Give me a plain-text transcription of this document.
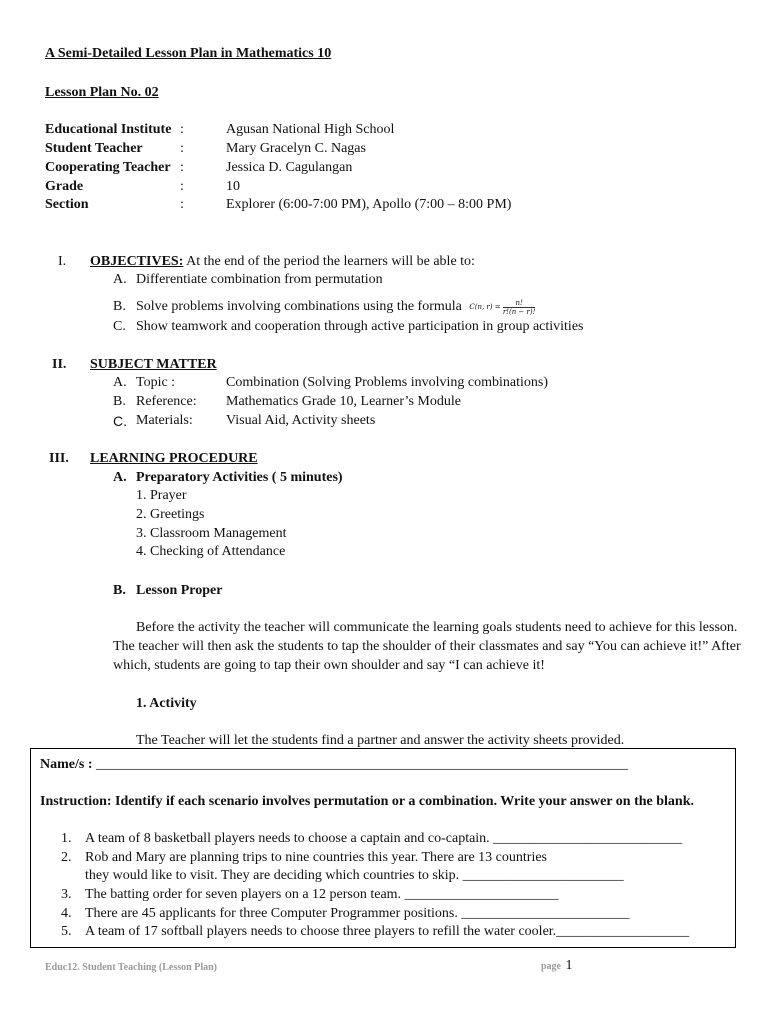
A Semi-Detailed Lesson Plan in Mathematics 10
Lesson Plan No. 02
Educational Institute :	Agusan National High School
Student Teacher	:	Mary Gracelyn C. Nagas
Cooperating Teacher :	Jessica D. Cagulangan
Grade	:	10
Section	:	Explorer (6:00-7:00 PM), Apollo (7:00 – 8:00 PM)
I. OBJECTIVES: At the end of the period the learners will be able to:
A. Differentiate combination from permutation
B. Solve problems involving combinations using the formula C(n, $r) = \frac{n!}{r!(n - r)!}$
C. Show teamwork and cooperation through active participation in group activities
II. SUBJECT MATTER
A. Topic :	Combination (Solving Problems involving combinations)
B. Reference: Mathematics Grade 10, Learner’s Module
C. Materials: Visual Aid, Activity sheets
III. LEARNING PROCEDURE
A. Preparatory Activities ( 5 minutes)
1. Prayer
2. Greetings
3. Classroom Management
4. Checking of Attendance
B. Lesson Proper
Before the activity the teacher will communicate the learning goals students need to achieve for this lesson.
The teacher will then ask the students to tap the shoulder of their classmates and say “You can achieve it!” After
which, students are going to tap their own shoulder and say “I can achieve it!
1. Activity
The Teacher will let the students find a partner and answer the activity sheets provided.
Name/s : ____________________________________________________________________________
Instruction: Identify if each scenario involves permutation or a combination. Write your answer on the blank.
1. A team of 8 basketball players needs to choose a captain and co-captain. ___________________________
2. Rob and Mary are planning trips to nine countries this year. There are 13 countries
they would like to visit. They are deciding which countries to skip. _______________________
3. The batting order for seven players on a 12 person team. ______________________
4. There are 45 applicants for three Computer Programmer positions. ________________________
5. A team of 17 softball players needs to choose three players to refill the water cooler.___________________
Educ12. Student Teaching (Lesson Plan)	page 1
